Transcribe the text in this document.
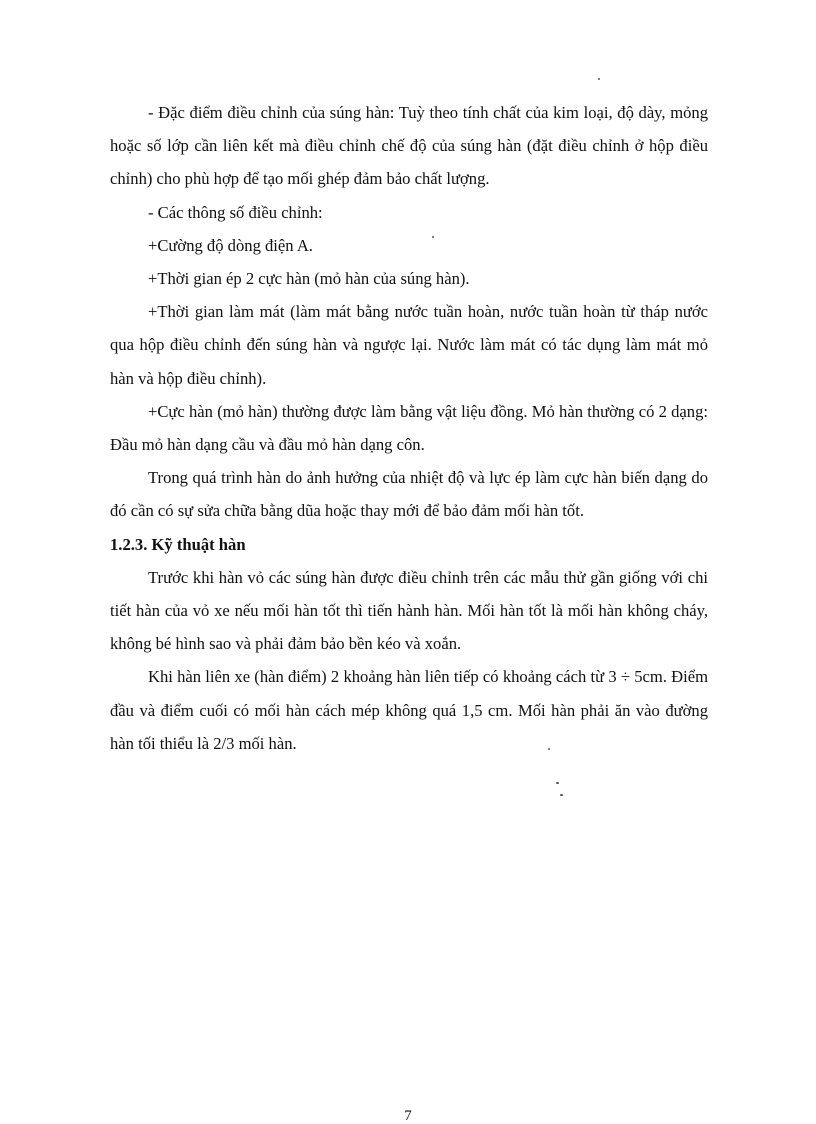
- Đặc điểm điều chỉnh của súng hàn: Tuỳ theo tính chất của kim loại, độ dày, mỏng hoặc số lớp cần liên kết mà điều chỉnh chế độ của súng hàn (đặt điều chỉnh ở hộp điều chỉnh) cho phù hợp để tạo mối ghép đảm bảo chất lượng.

- Các thông số điều chỉnh:

+Cường độ dòng điện A.

+Thời gian ép 2 cực hàn (mỏ hàn của súng hàn).

+Thời gian làm mát (làm mát bằng nước tuần hoàn, nước tuần hoàn từ tháp nước qua hộp điều chỉnh đến súng hàn và ngược lại. Nước làm mát có tác dụng làm mát mỏ hàn và hộp điều chỉnh).

+Cực hàn (mỏ hàn) thường được làm bằng vật liệu đồng. Mỏ hàn thường có 2 dạng: Đầu mỏ hàn dạng cầu và đầu mỏ hàn dạng côn.

Trong quá trình hàn do ảnh hưởng của nhiệt độ và lực ép làm cực hàn biến dạng do đó cần có sự sửa chữa bằng dũa hoặc thay mới để bảo đảm mối hàn tốt.

1.2.3. Kỹ thuật hàn

Trước khi hàn vỏ các súng hàn được điều chỉnh trên các mẫu thử gần giống với chi tiết hàn của vỏ xe nếu mối hàn tốt thì tiến hành hàn. Mối hàn tốt là mối hàn không cháy, không bé hình sao và phải đảm bảo bền kéo và xoắn.

Khi hàn liên xe (hàn điểm) 2 khoảng hàn liên tiếp có khoảng cách từ 3 ÷ 5cm. Điểm đầu và điểm cuối có mối hàn cách mép không quá 1,5 cm. Mối hàn phải ăn vào đường hàn tối thiểu là 2/3 mối hàn.

7
